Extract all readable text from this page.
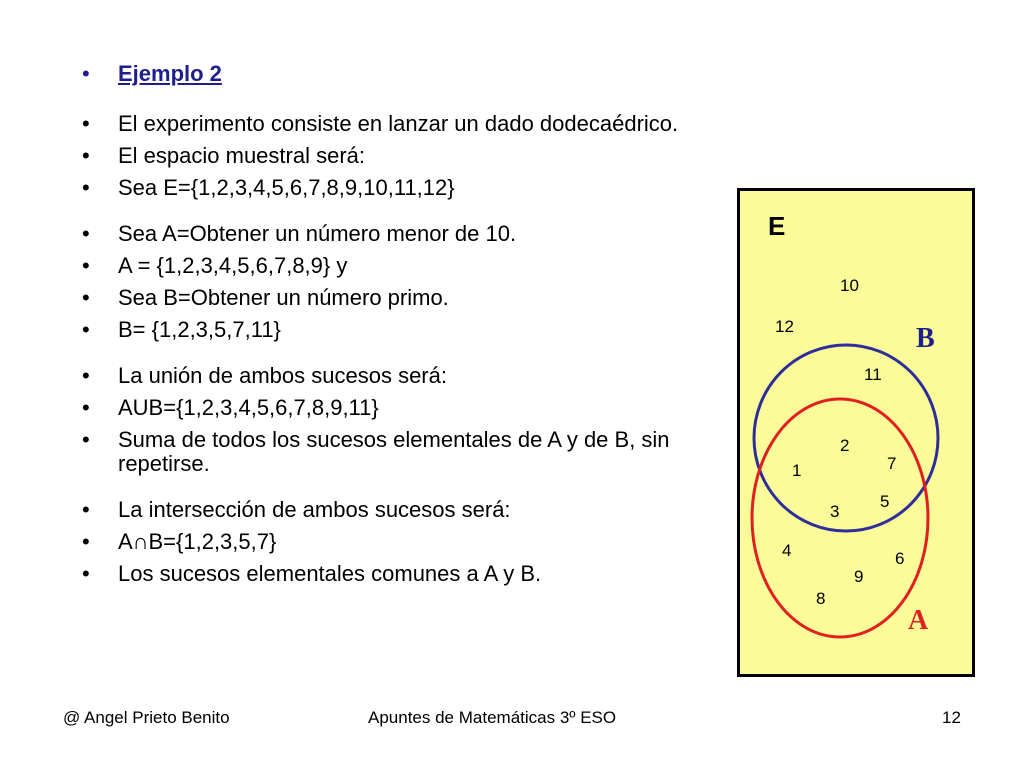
• Ejemplo 2
• El experimento consiste en lanzar un dado dodecaédrico.
• El espacio muestral será:
• Sea E={1,2,3,4,5,6,7,8,9,10,11,12}
• Sea A=Obtener un número menor de 10.
• A = {1,2,3,4,5,6,7,8,9} y
• Sea B=Obtener un número primo.
• B= {1,2,3,5,7,11}
• La unión de ambos sucesos será:
• AUB={1,2,3,4,5,6,7,8,9,11}
• Suma de todos los sucesos elementales de A y de B, sin repetirse.
• La intersección de ambos sucesos será:
• A∩B={1,2,3,5,7}
• Los sucesos elementales comunes a A y B.
E
B
A
10
12
11
2
7
1
5
3
4	6
9
8
@ Angel Prieto Benito	Apuntes de Matemáticas 3º ESO	12
